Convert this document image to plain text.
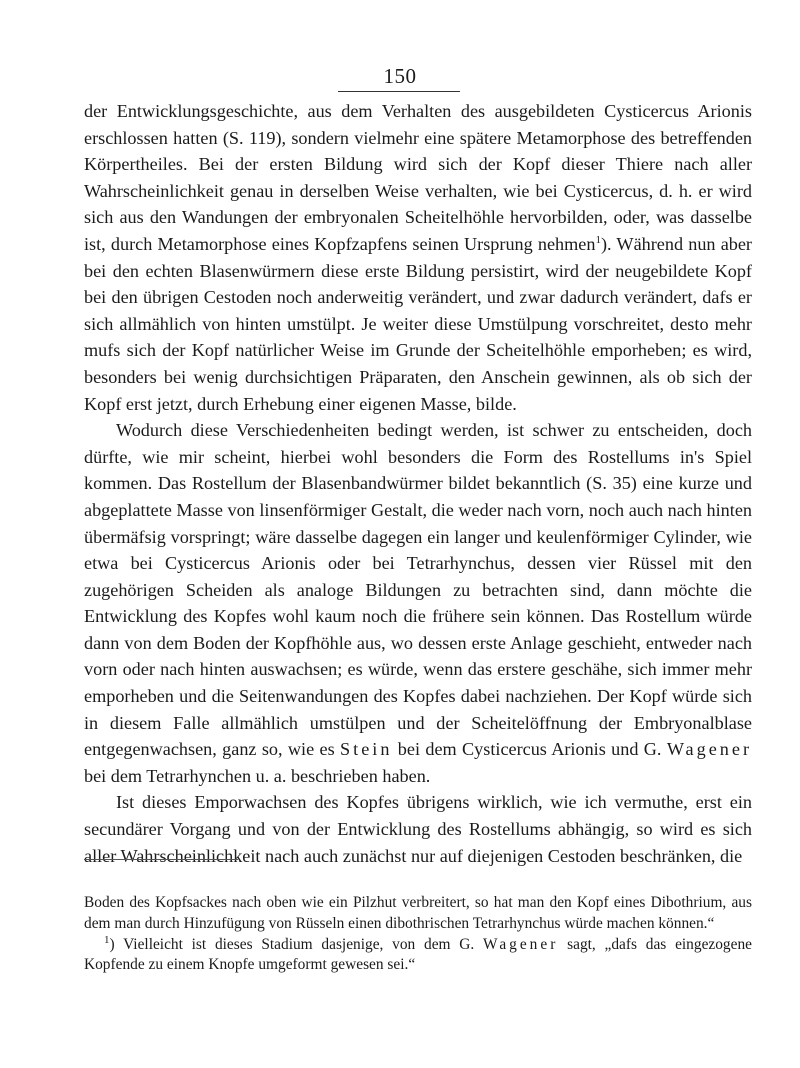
150

der Entwicklungsgeschichte, aus dem Verhalten des ausgebildeten Cysticercus Arionis erschlossen hatten (S. 119), sondern vielmehr eine spätere Metamorphose des betreffenden Körpertheiles. Bei der ersten Bildung wird sich der Kopf dieser Thiere nach aller Wahrscheinlichkeit genau in derselben Weise verhalten, wie bei Cysticercus, d. h. er wird sich aus den Wandungen der embryonalen Scheitelhöhle hervorbilden, oder, was dasselbe ist, durch Metamorphose eines Kopfzapfens seinen Ursprung nehmen$^1$). Während nun aber bei den echten Blasenwürmern diese erste Bildung persistirt, wird der neugebildete Kopf bei den übrigen Cestoden noch anderweitig verändert, und zwar dadurch verändert, dafs er sich allmählich von hinten umstülpt. Je weiter diese Umstülpung vorschreitet, desto mehr mufs sich der Kopf natürlicher Weise im Grunde der Scheitelhöhle emporheben; es wird, besonders bei wenig durchsichtigen Präparaten, den Anschein gewinnen, als ob sich der Kopf erst jetzt, durch Erhebung einer eigenen Masse, bilde.

Wodurch diese Verschiedenheiten bedingt werden, ist schwer zu entscheiden, doch dürfte, wie mir scheint, hierbei wohl besonders die Form des Rostellums in's Spiel kommen. Das Rostellum der Blasenbandwürmer bildet bekanntlich (S. 35) eine kurze und abgeplattete Masse von linsenförmiger Gestalt, die weder nach vorn, noch auch nach hinten übermäfsig vorspringt; wäre dasselbe dagegen ein langer und keulenförmiger Cylinder, wie etwa bei Cysticercus Arionis oder bei Tetrarhynchus, dessen vier Rüssel mit den zugehörigen Scheiden als analoge Bildungen zu betrachten sind, dann möchte die Entwicklung des Kopfes wohl kaum noch die frühere sein können. Das Rostellum würde dann von dem Boden der Kopfhöhle aus, wo dessen erste Anlage geschieht, entweder nach vorn oder nach hinten auswachsen; es würde, wenn das erstere geschähe, sich immer mehr emporheben und die Seitenwandungen des Kopfes dabei nachziehen. Der Kopf würde sich in diesem Falle allmählich umstülpen und der Scheitelöffnung der Embryonalblase entgegenwachsen, ganz so, wie es Stein bei dem Cysticercus Arionis und G. Wagener bei dem Tetrarhynchen u. a. beschrieben haben.

Ist dieses Emporwachsen des Kopfes übrigens wirklich, wie ich vermuthe, erst ein secundärer Vorgang und von der Entwicklung des Rostellums abhängig, so wird es sich aller Wahrscheinlichkeit nach auch zunächst nur auf diejenigen Cestoden beschränken, die

Boden des Kopfsackes nach oben wie ein Pilzhut verbreitert, so hat man den Kopf eines Dibothrium, aus dem man durch Hinzufügung von Rüsseln einen dibothrischen Tetrarhynchus würde machen können.“

$^1$) Vielleicht ist dieses Stadium dasjenige, von dem G. Wagener sagt, „dafs das eingezogene Kopfende zu einem Knopfe umgeformt gewesen sei.“
